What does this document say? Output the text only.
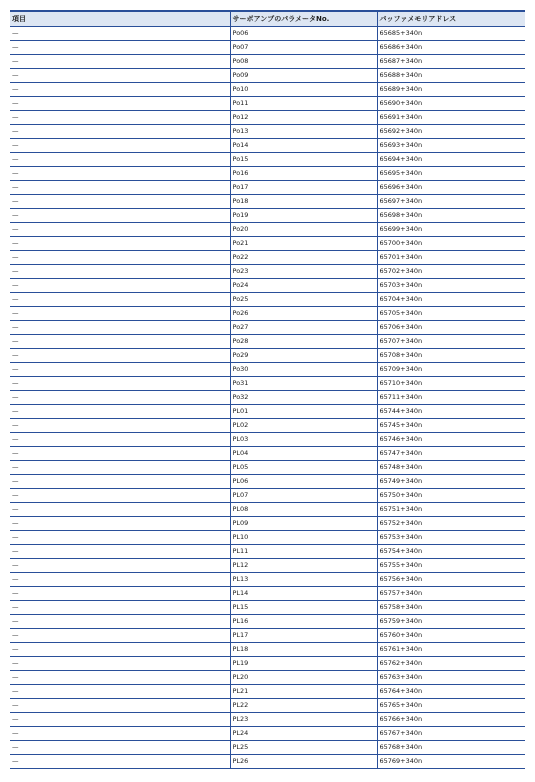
項目	サーボアンプのパラメータNo.	バッファメモリアドレス
—	Po06	65685+340n
—	Po07	65686+340n
—	Po08	65687+340n
—	Po09	65688+340n
—	Po10	65689+340n
—	Po11	65690+340n
—	Po12	65691+340n
—	Po13	65692+340n
—	Po14	65693+340n
—	Po15	65694+340n
—	Po16	65695+340n
—	Po17	65696+340n
—	Po18	65697+340n
—	Po19	65698+340n
—	Po20	65699+340n
—	Po21	65700+340n
—	Po22	65701+340n
—	Po23	65702+340n
—	Po24	65703+340n
—	Po25	65704+340n
—	Po26	65705+340n
—	Po27	65706+340n
—	Po28	65707+340n
—	Po29	65708+340n
—	Po30	65709+340n
—	Po31	65710+340n
—	Po32	65711+340n
—	PL01	65744+340n
—	PL02	65745+340n
—	PL03	65746+340n
—	PL04	65747+340n
—	PL05	65748+340n
—	PL06	65749+340n
—	PL07	65750+340n
—	PL08	65751+340n
—	PL09	65752+340n
—	PL10	65753+340n
—	PL11	65754+340n
—	PL12	65755+340n
—	PL13	65756+340n
—	PL14	65757+340n
—	PL15	65758+340n
—	PL16	65759+340n
—	PL17	65760+340n
—	PL18	65761+340n
—	PL19	65762+340n
—	PL20	65763+340n
—	PL21	65764+340n
—	PL22	65765+340n
—	PL23	65766+340n
—	PL24	65767+340n
—	PL25	65768+340n
—	PL26	65769+340n
